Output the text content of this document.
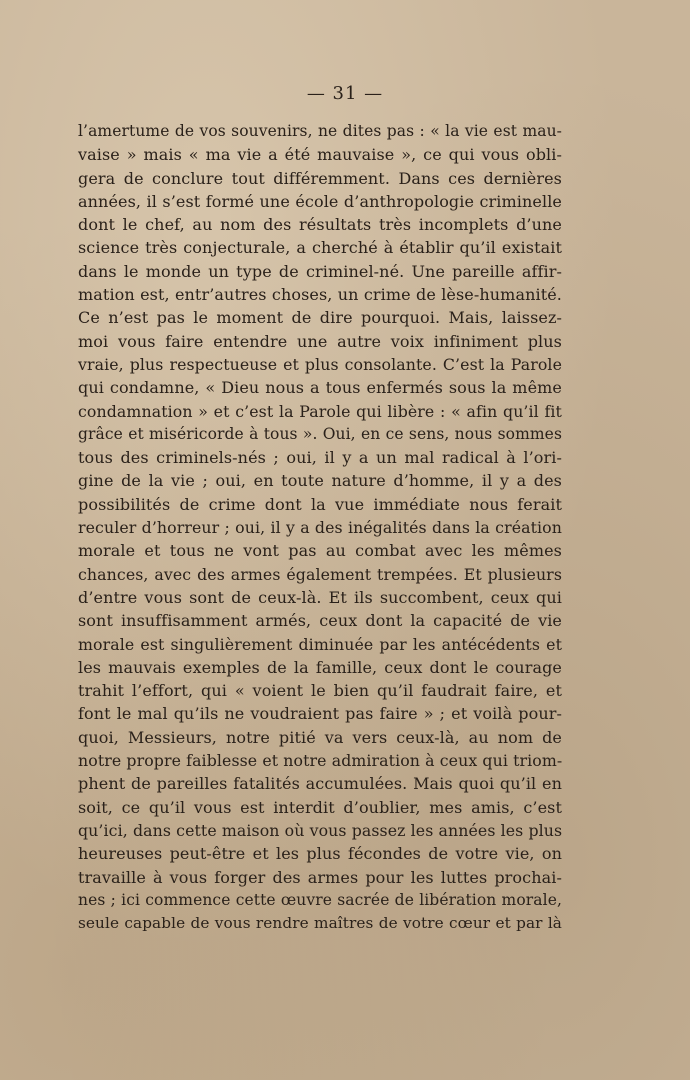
— 31 —
l’amertume de vos souvenirs, ne dites pas : « la vie est mau-
vaise » mais « ma vie a été mauvaise », ce qui vous obli-
gera de conclure tout différemment. Dans ces dernières
années, il s’est formé une école d’anthropologie criminelle
dont le chef, au nom des résultats très incomplets d’une
science très conjecturale, a cherché à établir qu’il existait
dans le monde un type de criminel-né. Une pareille affir-
mation est, entr’autres choses, un crime de lèse-humanité.
Ce n’est pas le moment de dire pourquoi. Mais, laissez-
moi vous faire entendre une autre voix infiniment plus
vraie, plus respectueuse et plus consolante. C’est la Parole
qui condamne, « Dieu nous a tous enfermés sous la même
condamnation » et c’est la Parole qui libère : « afin qu’il fit
grâce et miséricorde à tous ». Oui, en ce sens, nous sommes
tous des criminels-nés ; oui, il y a un mal radical à l’ori-
gine de la vie ; oui, en toute nature d’homme, il y a des
possibilités de crime dont la vue immédiate nous ferait
reculer d’horreur ; oui, il y a des inégalités dans la création
morale et tous ne vont pas au combat avec les mêmes
chances, avec des armes également trempées. Et plusieurs
d’entre vous sont de ceux-là. Et ils succombent, ceux qui
sont insuffisamment armés, ceux dont la capacité de vie
morale est singulièrement diminuée par les antécédents et
les mauvais exemples de la famille, ceux dont le courage
trahit l’effort, qui « voient le bien qu’il faudrait faire, et
font le mal qu’ils ne voudraient pas faire » ; et voilà pour-
quoi, Messieurs, notre pitié va vers ceux-là, au nom de
notre propre faiblesse et notre admiration à ceux qui triom-
phent de pareilles fatalités accumulées. Mais quoi qu’il en
soit, ce qu’il vous est interdit d’oublier, mes amis, c’est
qu’ici, dans cette maison où vous passez les années les plus
heureuses peut-être et les plus fécondes de votre vie, on
travaille à vous forger des armes pour les luttes prochai-
nes ; ici commence cette œuvre sacrée de libération morale,
seule capable de vous rendre maîtres de votre cœur et par là
